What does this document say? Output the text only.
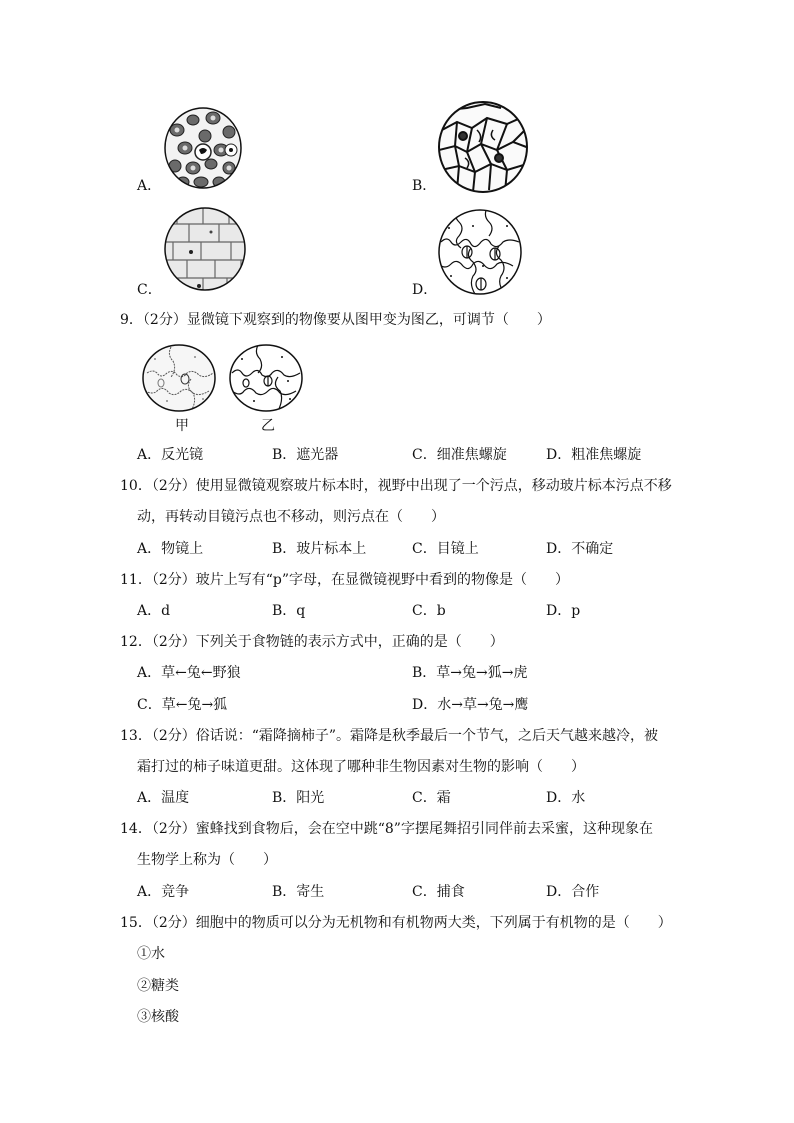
A．	B．
C．	D．
9．（2分）显微镜下观察到的物像要从图甲变为图乙，可调节（　　）
甲	乙
A．反光镜	B．遮光器	C．细准焦螺旋	D．粗准焦螺旋
10．（2分）使用显微镜观察玻片标本时，视野中出现了一个污点，移动玻片标本污点不移
动，再转动目镜污点也不移动，则污点在（　　）
A．物镜上	B．玻片标本上	C．目镜上	D．不确定
11．（2分）玻片上写有“p”字母，在显微镜视野中看到的物像是（　　）
A．d	B．q	C．b	D．p
12．（2分）下列关于食物链的表示方式中，正确的是（　　）
A．草←兔←野狼	B．草→兔→狐→虎
C．草←兔→狐	D．水→草→兔→鹰
13．（2分）俗话说：“霜降摘柿子”。霜降是秋季最后一个节气，之后天气越来越冷，被
霜打过的柿子味道更甜。这体现了哪种非生物因素对生物的影响（　　）
A．温度	B．阳光	C．霜	D．水
14．（2分）蜜蜂找到食物后，会在空中跳“8”字摆尾舞招引同伴前去采蜜，这种现象在
生物学上称为（　　）
A．竞争	B．寄生	C．捕食	D．合作
15．（2分）细胞中的物质可以分为无机物和有机物两大类，下列属于有机物的是（　　）
①水
②糖类
③核酸
